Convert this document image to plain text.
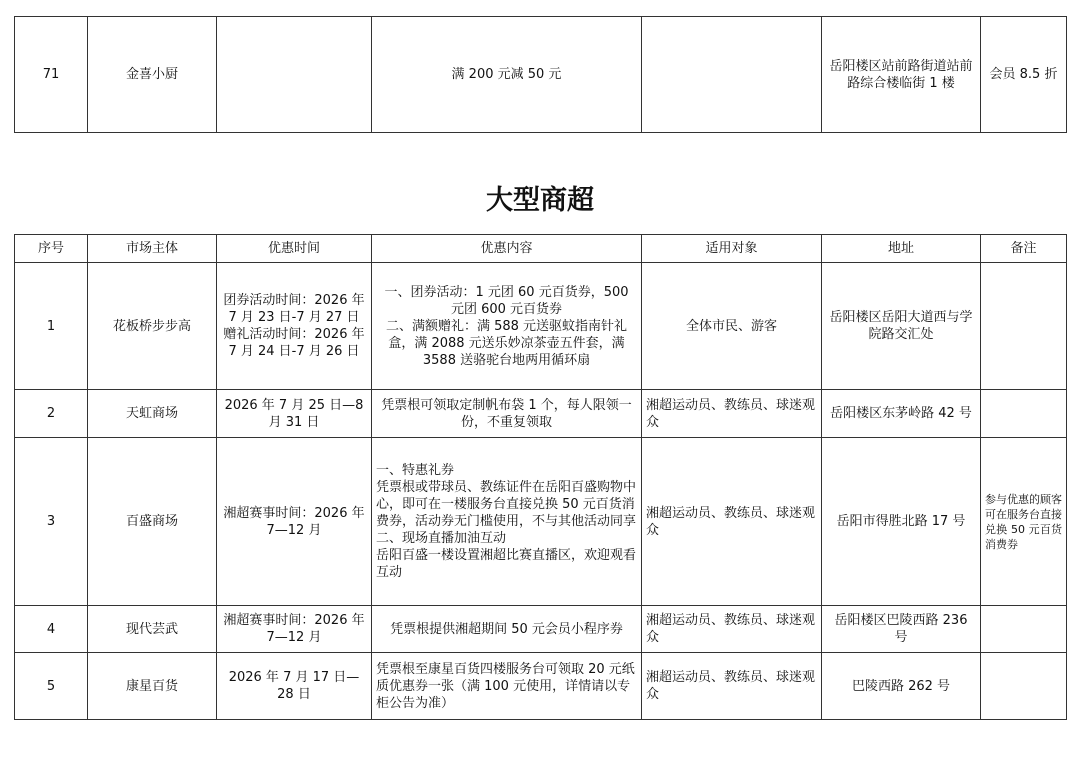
71	金喜小厨		满 200 元减 50 元		岳阳楼区站前路街道站前路综合楼临街 1 楼	会员 8.5 折
大型商超
序号	市场主体	优惠时间	优惠内容	适用对象	地址	备注
1	花板桥步步高	团券活动时间：2026 年 7 月 23 日-7 月 27 日
赠礼活动时间：2026 年 7 月 24 日-7 月 26 日	一、团券活动：1 元团 60 元百货券，500 元团 600 元百货券
二、满额赠礼：满 588 元送驱蚊指南针礼盒，满 2088 元送乐妙凉茶壶五件套，满 3588 送骆驼台地两用循环扇	全体市民、游客	岳阳楼区岳阳大道西与学院路交汇处	
2	天虹商场	2026 年 7 月 25 日—8 月 31 日	凭票根可领取定制帆布袋 1 个，每人限领一份，不重复领取	湘超运动员、教练员、球迷观众	岳阳楼区东茅岭路 42 号	
3	百盛商场	湘超赛事时间：2026 年 7—12 月	一、特惠礼券
凭票根或带球员、教练证件在岳阳百盛购物中心，即可在一楼服务台直接兑换 50 元百货消费券，活动券无门槛使用，不与其他活动同享
二、现场直播加油互动
岳阳百盛一楼设置湘超比赛直播区，欢迎观看互动	湘超运动员、教练员、球迷观众	岳阳市得胜北路 17 号	参与优惠的顾客可在服务台直接兑换 50 元百货消费券
4	现代芸武	湘超赛事时间：2026 年 7—12 月	凭票根提供湘超期间 50 元会员小程序券	湘超运动员、教练员、球迷观众	岳阳楼区巴陵西路 236 号	
5	康星百货	2026 年 7 月 17 日—28 日	凭票根至康星百货四楼服务台可领取 20 元纸质优惠券一张（满 100 元使用，详情请以专柜公告为准）	湘超运动员、教练员、球迷观众	巴陵西路 262 号	
